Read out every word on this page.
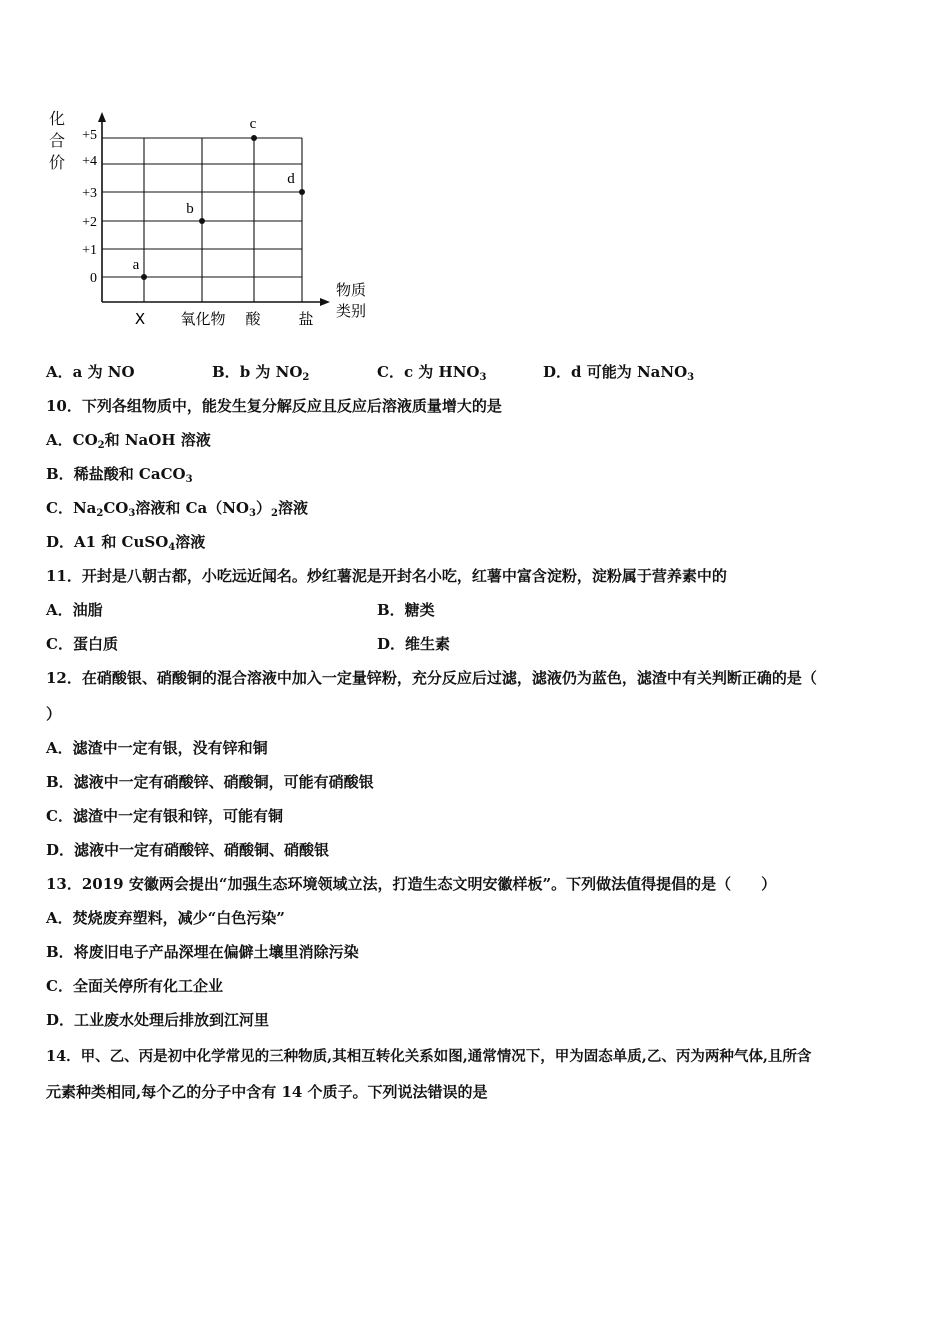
+5
+4
+3
+2
+1
0
X 氧化物 酸	盐
物质
类别
a
b
c
d
化
合
价
A．a 为 NO	B．b 为 $NO_2$	C．c 为 $HNO_3$	D．d 可能为 NaNO$_3$
10．下列各组物质中，能发生复分解反应且反应后溶液质量增大的是
A．$CO_2$和 NaOH 溶液
B．稀盐酸和 CaCO$_3$
C．$Na_2CO_3$溶液和 $Ca(NO_3)_2$溶液
D．A1 和 CuSO$_4$溶液
11．开封是八朝古都，小吃远近闻名。炒红薯泥是开封名小吃，红薯中富含淀粉，淀粉属于营养素中的
A．油脂	B．糖类
C．蛋白质	D．维生素
12．在硝酸银、硝酸铜的混合溶液中加入一定量锌粉，充分反应后过滤，滤液仍为蓝色，滤渣中有关判断正确的是（
）
A．滤渣中一定有银，没有锌和铜
B．滤液中一定有硝酸锌、硝酸铜，可能有硝酸银
C．滤渣中一定有银和锌，可能有铜
D．滤液中一定有硝酸锌、硝酸铜、硝酸银
13．2019 安徽两会提出“加强生态环境领域立法，打造生态文明安徽样板”。下列做法值得提倡的是（　　）
A．焚烧废弃塑料，减少“白色污染”
B．将废旧电子产品深埋在偏僻土壤里消除污染
C．全面关停所有化工企业
D．工业废水处理后排放到江河里
14．甲、乙、丙是初中化学常见的三种物质,其相互转化关系如图,通常情况下，甲为固态单质,乙、丙为两种气体,且所含
元素种类相同,每个乙的分子中含有 14 个质子。下列说法错误的是
